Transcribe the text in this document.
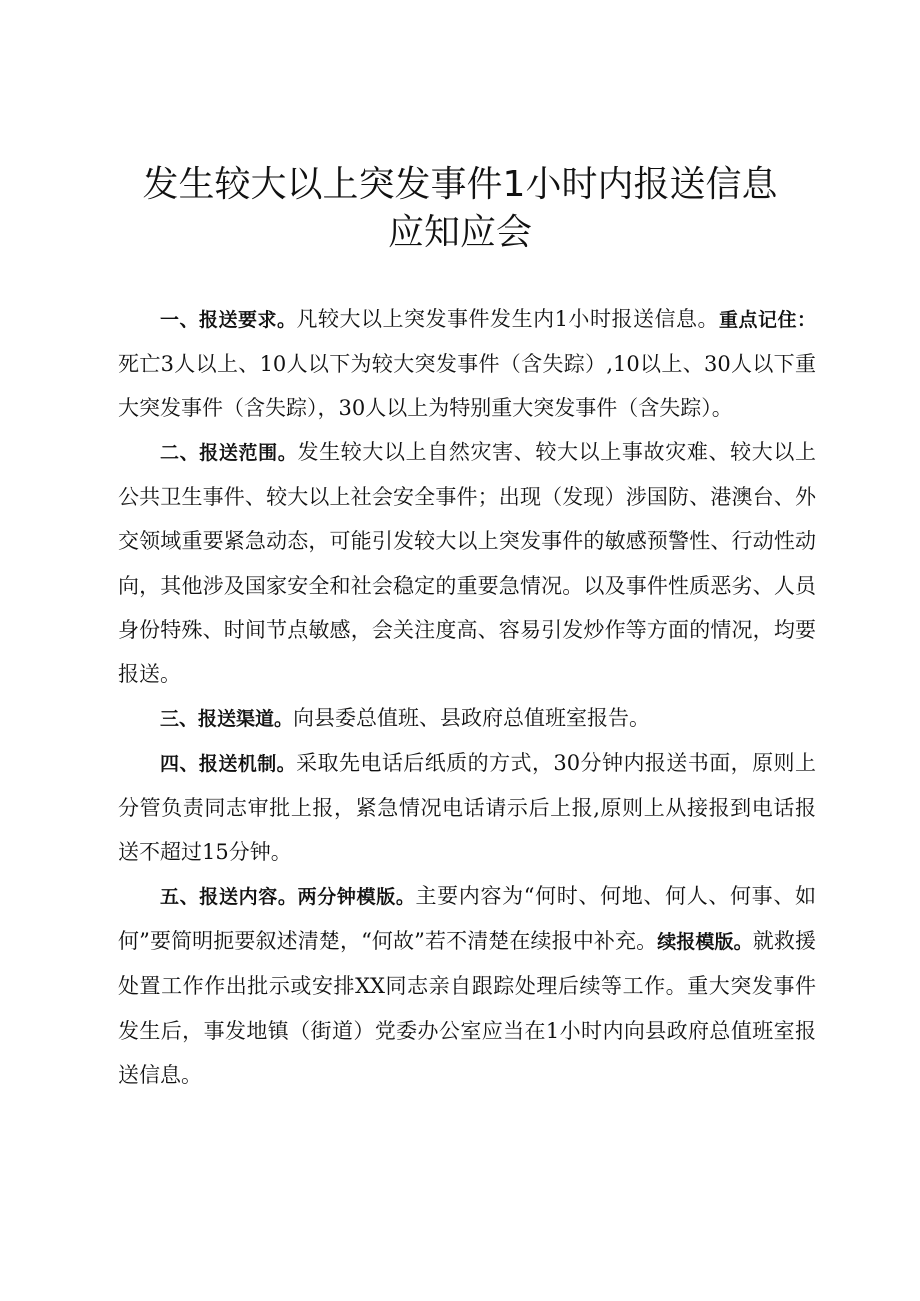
发生较大以上突发事件1小时内报送信息
应知应会

一、报送要求。凡较大以上突发事件发生内1小时报送信息。重点记住：死亡3人以上、10人以下为较大突发事件（含失踪）,10以上、30人以下重大突发事件（含失踪），30人以上为特别重大突发事件（含失踪）。

二、报送范围。发生较大以上自然灾害、较大以上事故灾难、较大以上公共卫生事件、较大以上社会安全事件；出现（发现）涉国防、港澳台、外交领域重要紧急动态，可能引发较大以上突发事件的敏感预警性、行动性动向，其他涉及国家安全和社会稳定的重要急情况。以及事件性质恶劣、人员身份特殊、时间节点敏感，会关注度高、容易引发炒作等方面的情况，均要报送。

三、报送渠道。向县委总值班、县政府总值班室报告。

四、报送机制。采取先电话后纸质的方式，30分钟内报送书面，原则上分管负责同志审批上报，紧急情况电话请示后上报,原则上从接报到电话报送不超过15分钟。

五、报送内容。两分钟模版。主要内容为“何时、何地、何人、何事、如何”要简明扼要叙述清楚，“何故”若不清楚在续报中补充。续报模版。就救援处置工作作出批示或安排XX同志亲自跟踪处理后续等工作。重大突发事件发生后，事发地镇（街道）党委办公室应当在1小时内向县政府总值班室报送信息。
